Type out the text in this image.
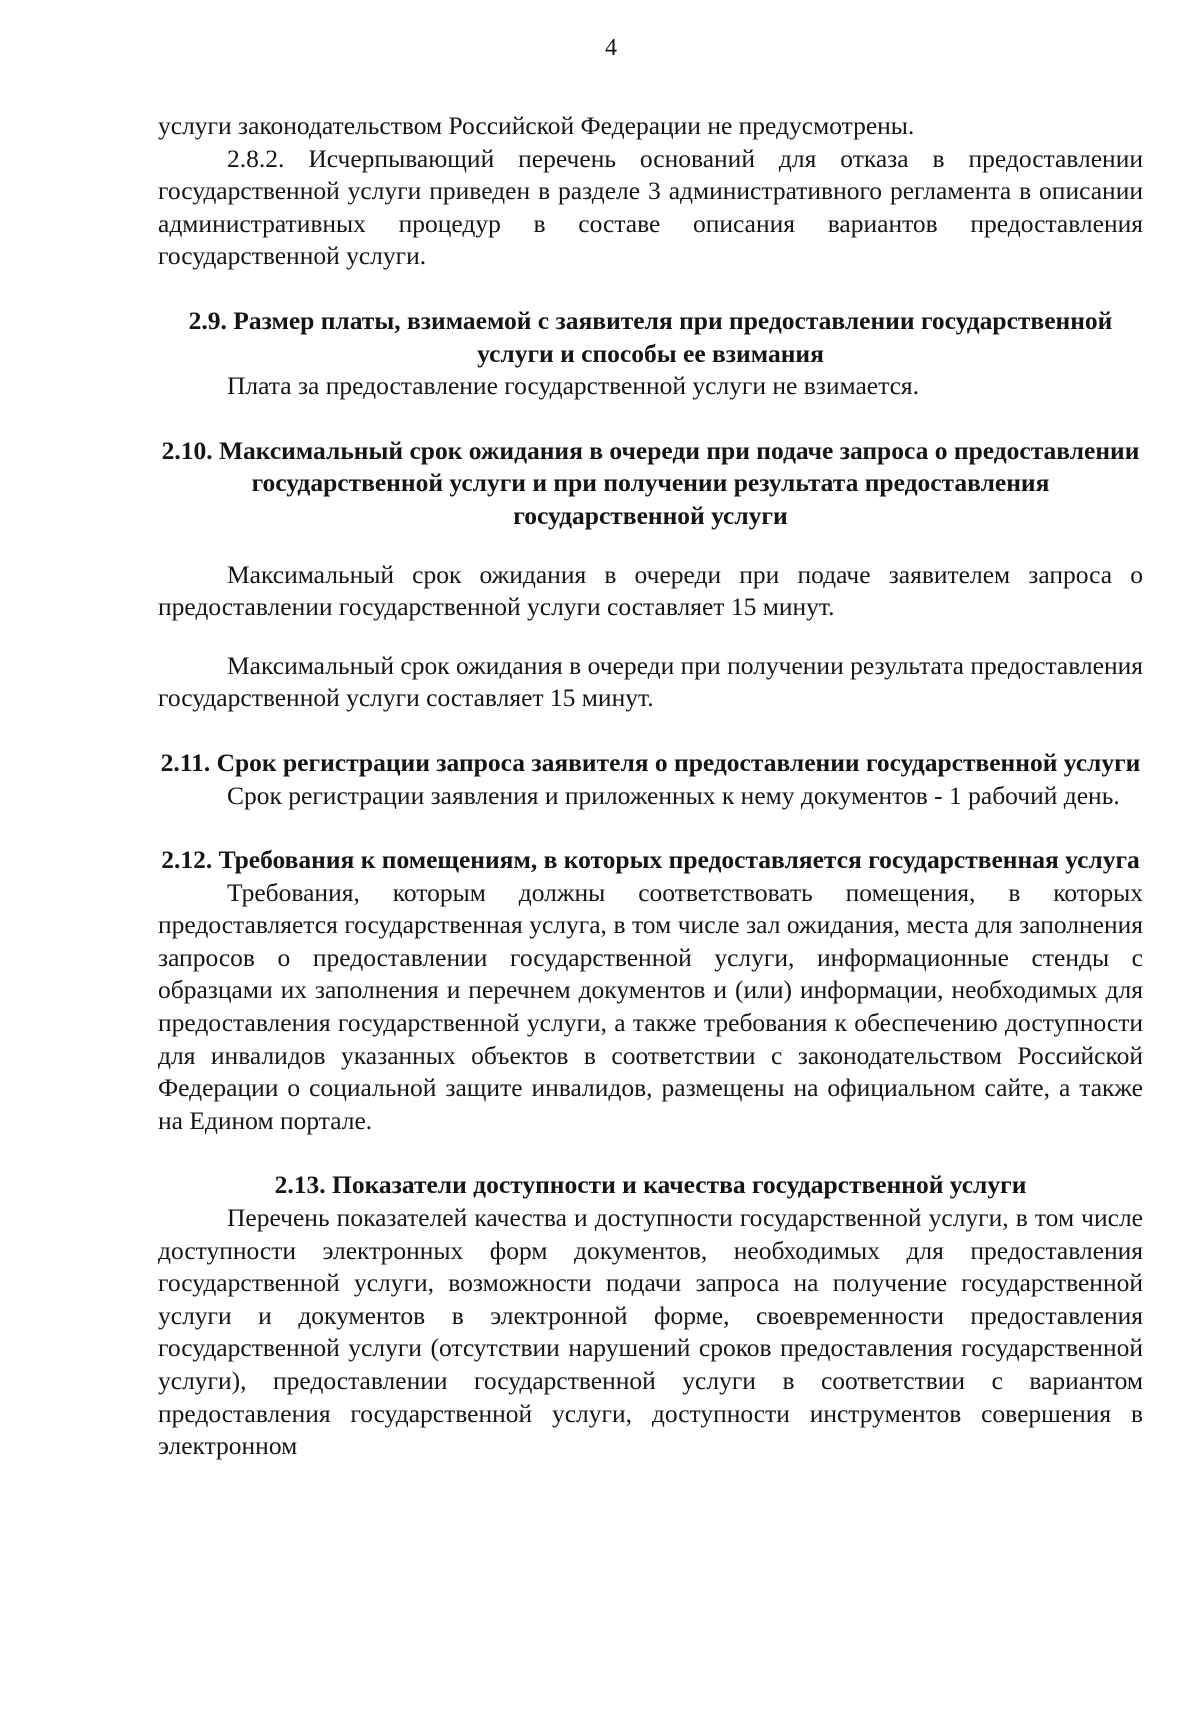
4

услуги законодательством Российской Федерации не предусмотрены.

2.8.2. Исчерпывающий перечень оснований для отказа в предоставлении государственной услуги приведен в разделе 3 административного регламента в описании административных процедур в составе описания вариантов предоставления государственной услуги.

2.9. Размер платы, взимаемой с заявителя при предоставлении государственной услуги и способы ее взимания

Плата за предоставление государственной услуги не взимается.

2.10. Максимальный срок ожидания в очереди при подаче запроса о предоставлении государственной услуги и при получении результата предоставления государственной услуги

Максимальный срок ожидания в очереди при подаче заявителем запроса о предоставлении государственной услуги составляет 15 минут.

Максимальный срок ожидания в очереди при получении результата предоставления государственной услуги составляет 15 минут.

2.11. Срок регистрации запроса заявителя о предоставлении государственной услуги

Срок регистрации заявления и приложенных к нему документов - 1 рабочий день.

2.12. Требования к помещениям, в которых предоставляется государственная услуга

Требования, которым должны соответствовать помещения, в которых предоставляется государственная услуга, в том числе зал ожидания, места для заполнения запросов о предоставлении государственной услуги, информационные стенды с образцами их заполнения и перечнем документов и (или) информации, необходимых для предоставления государственной услуги, а также требования к обеспечению доступности для инвалидов указанных объектов в соответствии с законодательством Российской Федерации о социальной защите инвалидов, размещены на официальном сайте, а также на Едином портале.

2.13. Показатели доступности и качества государственной услуги

Перечень показателей качества и доступности государственной услуги, в том числе доступности электронных форм документов, необходимых для предоставления государственной услуги, возможности подачи запроса на получение государственной услуги и документов в электронной форме, своевременности предоставления государственной услуги (отсутствии нарушений сроков предоставления государственной услуги), предоставлении государственной услуги в соответствии с вариантом предоставления государственной услуги, доступности инструментов совершения в электронном
